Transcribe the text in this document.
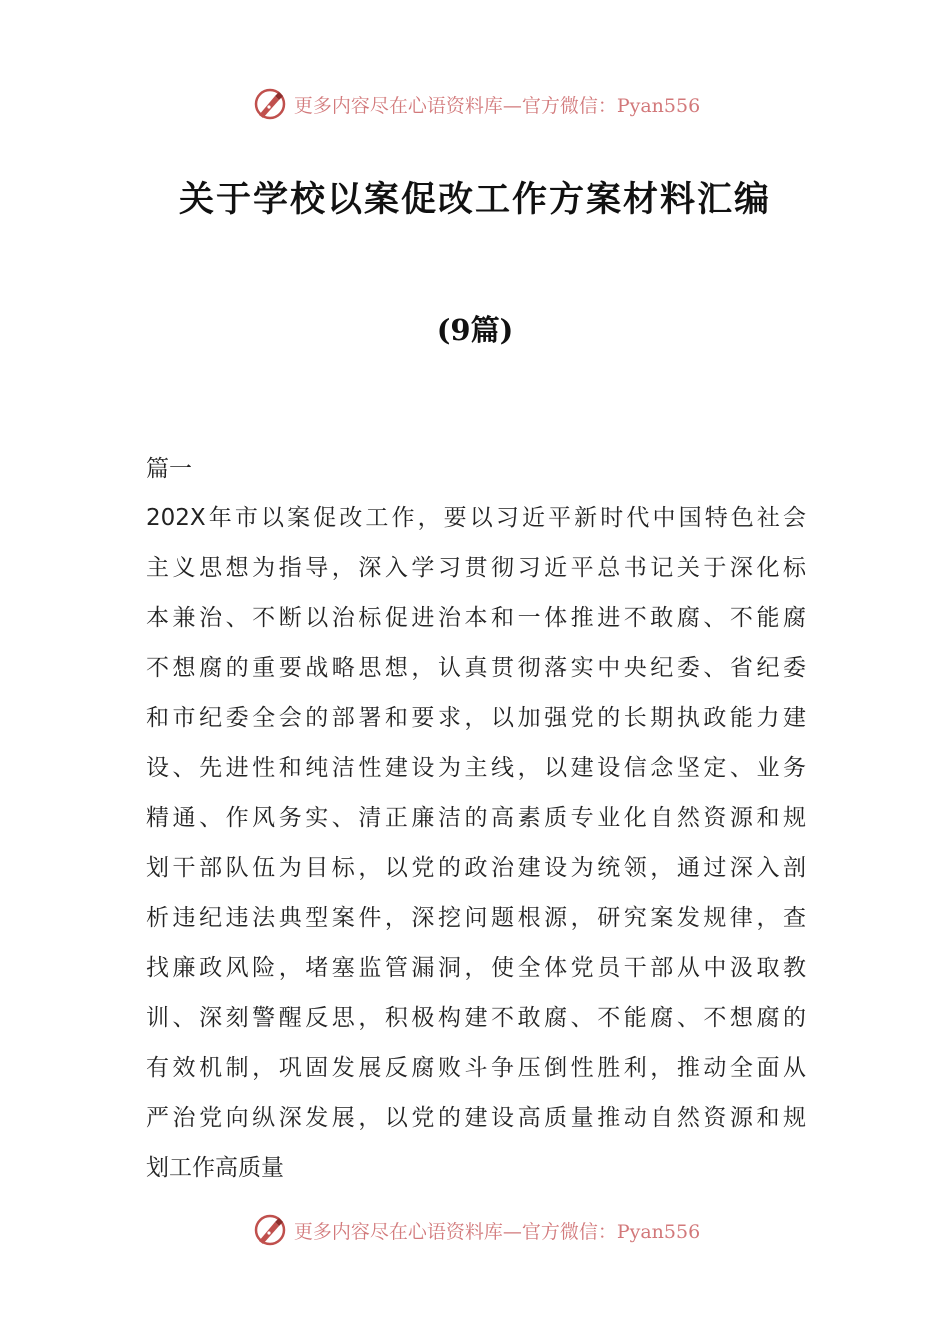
更多内容尽在心语资料库—官方微信：Pyan556
关于学校以案促改工作方案材料汇编
(9篇)
篇一
202X年市以案促改工作，要以习近平新时代中国特色社会
主义思想为指导，深入学习贯彻习近平总书记关于深化标
本兼治、不断以治标促进治本和一体推进不敢腐、不能腐
不想腐的重要战略思想，认真贯彻落实中央纪委、省纪委
和市纪委全会的部署和要求，以加强党的长期执政能力建
设、先进性和纯洁性建设为主线，以建设信念坚定、业务
精通、作风务实、清正廉洁的高素质专业化自然资源和规
划干部队伍为目标，以党的政治建设为统领，通过深入剖
析违纪违法典型案件，深挖问题根源，研究案发规律，查
找廉政风险，堵塞监管漏洞，使全体党员干部从中汲取教
训、深刻警醒反思，积极构建不敢腐、不能腐、不想腐的
有效机制，巩固发展反腐败斗争压倒性胜利，推动全面从
严治党向纵深发展，以党的建设高质量推动自然资源和规
划工作高质量
更多内容尽在心语资料库—官方微信：Pyan556
